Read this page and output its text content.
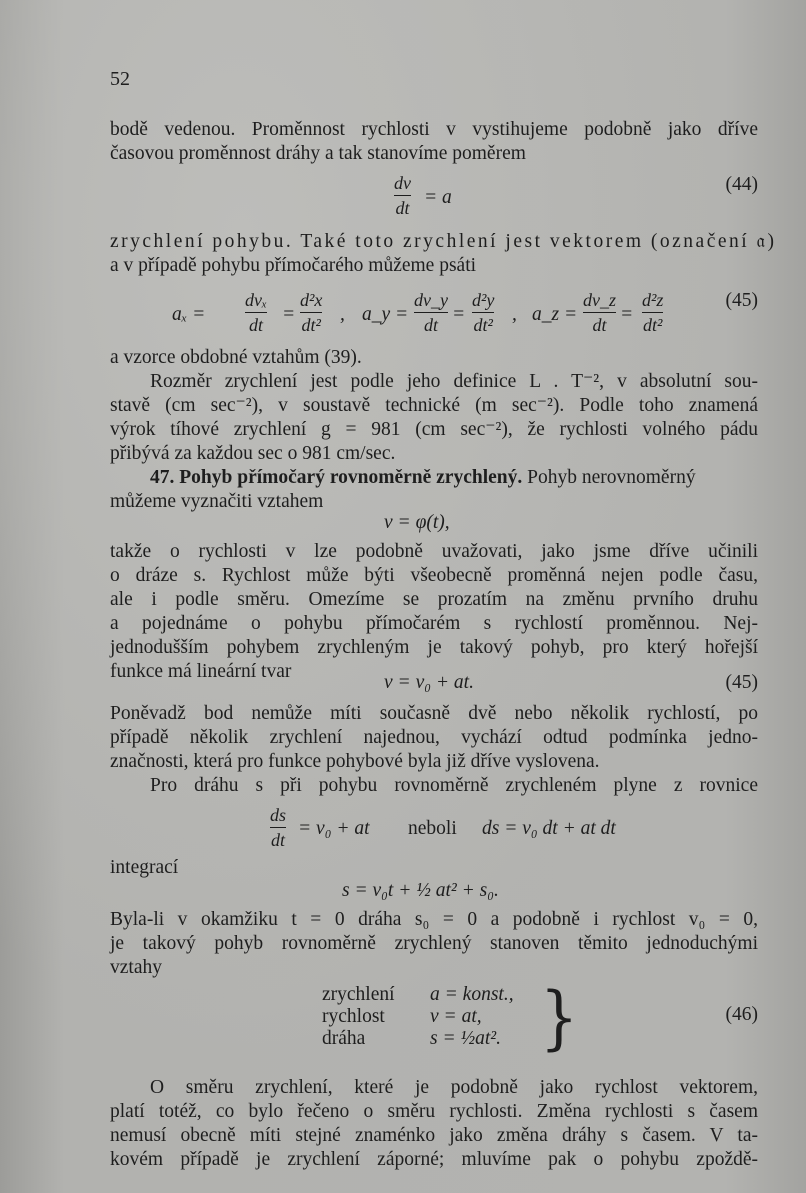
52
bodě vedenou. Proměnnost rychlosti v vystihujeme podobně jako dříve
časovou proměnnost dráhy a tak stanovíme poměrem
dv
dt = a
(44)
zrychlení pohybu. Také toto zrychlení jest vektorem (označení 𝔞)
a v případě pohybu přímočarého můžeme psáti
aₓ =
dvₓ
dt =
d²x
dt² , a_y =
dv_y
dt =
d²y
dt² , a_z =
dv_z
dt =
d²z
dt²
(45)
a vzorce obdobné vztahům (39).
Rozměr zrychlení jest podle jeho definice L . T⁻², v absolutní sou-
stavě (cm sec⁻²), v soustavě technické (m sec⁻²). Podle toho znamená
výrok tíhové zrychlení g = 981 (cm sec⁻²), že rychlosti volného pádu
přibývá za každou sec o 981 cm/sec.
47. Pohyb přímočarý rovnoměrně zrychlený. Pohyb nerovnoměrný
můžeme vyznačiti vztahem
v = φ(t),
takže o rychlosti v lze podobně uvažovati, jako jsme dříve učinili
o dráze s. Rychlost může býti všeobecně proměnná nejen podle času,
ale i podle směru. Omezíme se prozatím na změnu prvního druhu
a pojednáme o pohybu přímočarém s rychlostí proměnnou. Nej-
jednodušším pohybem zrychleným je takový pohyb, pro který hořejší
funkce má lineární tvar
v = v₀ + at.	(45)
Poněvadž bod nemůže míti současně dvě nebo několik rychlostí, po
případě několik zrychlení najednou, vychází odtud podmínka jedno-
značnosti, která pro funkce pohybové byla již dříve vyslovena.
Pro dráhu s při pohybu rovnoměrně zrychleném plyne z rovnice
ds
dt
= v₀ + at neboli ds = v₀ dt + at dt
integrací
s = v₀t + ½ at² + s₀.
Byla-li v okamžiku t = 0 dráha s₀ = 0 a podobně i rychlost v₀ = 0,
je takový pohyb rovnoměrně zrychlený stanoven těmito jednoduchými
vztahy
zrychlení a = konst.,
rychlost v = at,
dráha	s = ½at². }	(46)
O směru zrychlení, které je podobně jako rychlost vektorem,
platí totéž, co bylo řečeno o směru rychlosti. Změna rychlosti s časem
nemusí obecně míti stejné znaménko jako změna dráhy s časem. V ta-
kovém případě je zrychlení záporné; mluvíme pak o pohybu zpoždě-
